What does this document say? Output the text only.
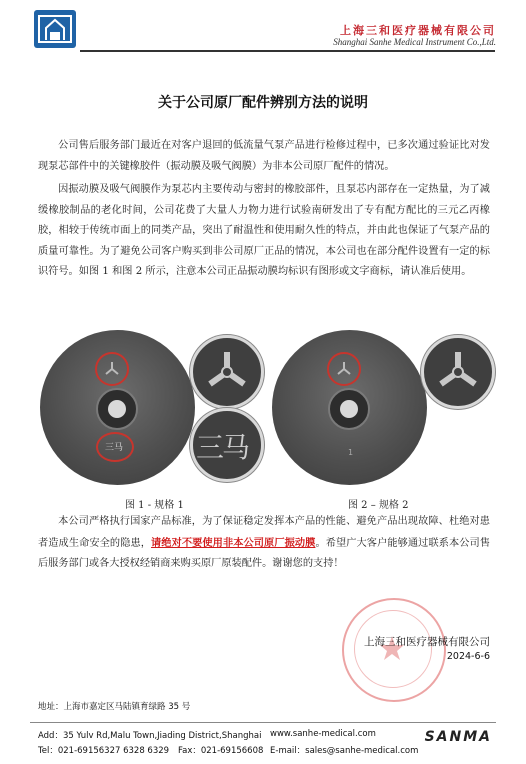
上海三和医疗器械有限公司
Shanghai Sanhe Medical Instrument Co.,Ltd.
关于公司原厂配件辨别方法的说明
公司售后服务部门最近在对客户退回的低流量气泵产品进行检修过程中，已多次通过验证比对发现泵芯部件中的关键橡胶件（振动膜及吸气阀膜）为非本公司原厂配件的情况。
因振动膜及吸气阀膜作为泵芯内主要传动与密封的橡胶部件，且泵芯内部存在一定热量，为了减缓橡胶制品的老化时间，公司花费了大量人力物力进行试验南研发出了专有配方配比的三元乙丙橡胶，相较于传统市面上的同类产品，突出了耐温性和使用耐久性的特点，并由此也保证了气泵产品的质量可靠性。为了避免公司客户购买到非公司原厂正品的情况，本公司也在部分配件设置有一定的标识符号。如图 1 和图 2 所示，注意本公司正品振动膜均标识有图形或文字商标，请认准后使用。
三马	三马
图 1 - 规格 1
1
图 2 – 规格 2
本公司严格执行国家产品标准，为了保证稳定发挥本产品的性能、避免产品出现故障、杜绝对患者造成生命安全的隐患，请绝对不要使用非本公司原厂振动膜。希望广大客户能够通过联系本公司售后服务部门或各大授权经销商来购买原厂原装配件。谢谢您的支持！
上海三和医疗器械有限公司
2024-6-6
地址：上海市嘉定区马陆镇育绿路 35 号
Add：35 Yulv Rd,Malu Town,Jiading District,Shanghai www.sanhe-medical.com
Tel：021-69156327 6328 6329 Fax：021-69156608 E-mail：sales@sanhe-medical.com
SANMA
